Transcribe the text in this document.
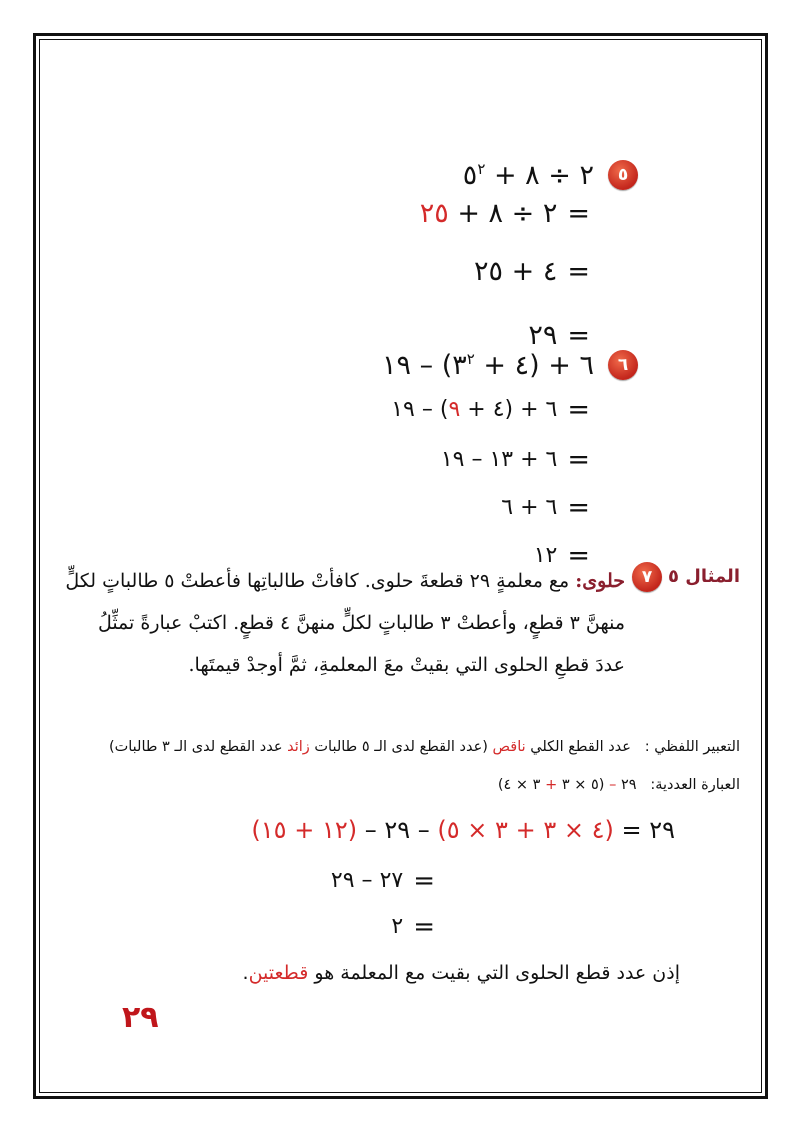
٥
٢ ÷ ٨ + $٥^٢$
=
٢ ÷ ٨ + ٢٥
=
٤ + ٢٥
=
٢٩
٦
٦ + (٤ + $٣^٢$) – ١٩
=
٦ + (٤ + ٩) – ١٩
=
٦ + ١٣ – ١٩
=
٦ + ٦
=
١٢
المثال ٥
٧
حلوى: مع معلمةٍ ٢٩ قطعةَ حلوى. كافأتْ طالباتِها فأعطتْ ٥ طالباتٍ لكلٍّ منهنَّ ٣ قطعٍ، وأعطتْ ٣ طالباتٍ لكلٍّ منهنَّ ٤ قطعٍ. اكتبْ عبارةً تمثِّلُ عددَ قطعِ الحلوى التي بقيتْ معَ المعلمةِ، ثمَّ أوجدْ قيمتَها.
التعبير اللفظي :   عدد القطع الكلي ناقص (عدد القطع لدى الـ ٥ طالبات زائد عدد القطع لدى الـ ٣ طالبات)
العبارة العددية:   ٢٩ – (٥ × ٣ + ٣ × ٤)
(١٢ + ١٥) – ٢٩ = (٤ × ٣ + ٣ × ٥) – ٢٩
=
٢٧ – ٢٩
=
٢
إذن عدد قطع الحلوى التي بقيت مع المعلمة هو قطعتين.
٢٩
